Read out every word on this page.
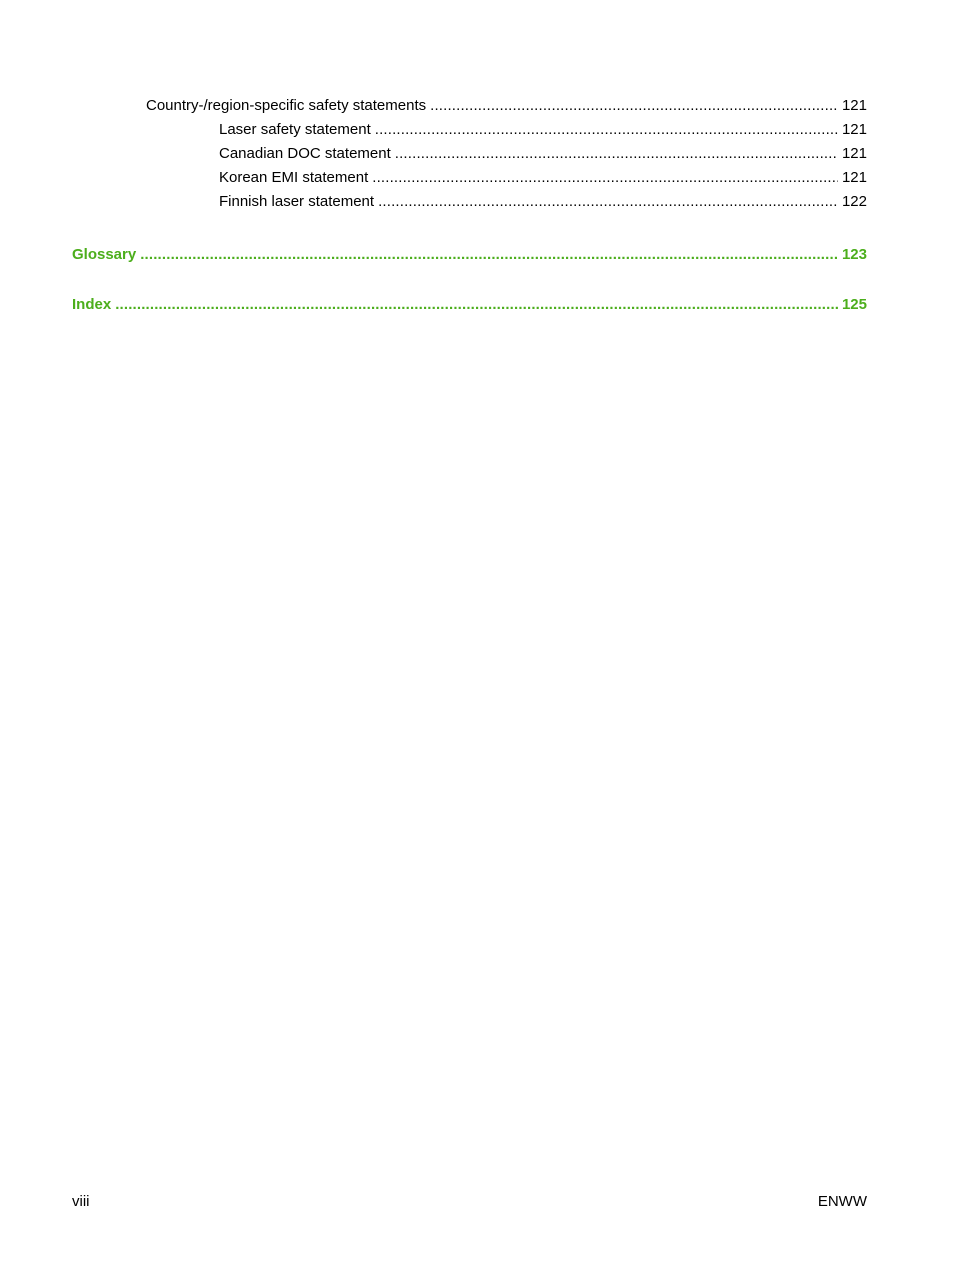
Country-/region-specific safety statements . . .	121
Laser safety statement . . .	121
Canadian DOC statement . . .	121
Korean EMI statement . . .	121
Finnish laser statement . . .	122
Glossary . . .	123
Index . . .	125
viii	ENWW
